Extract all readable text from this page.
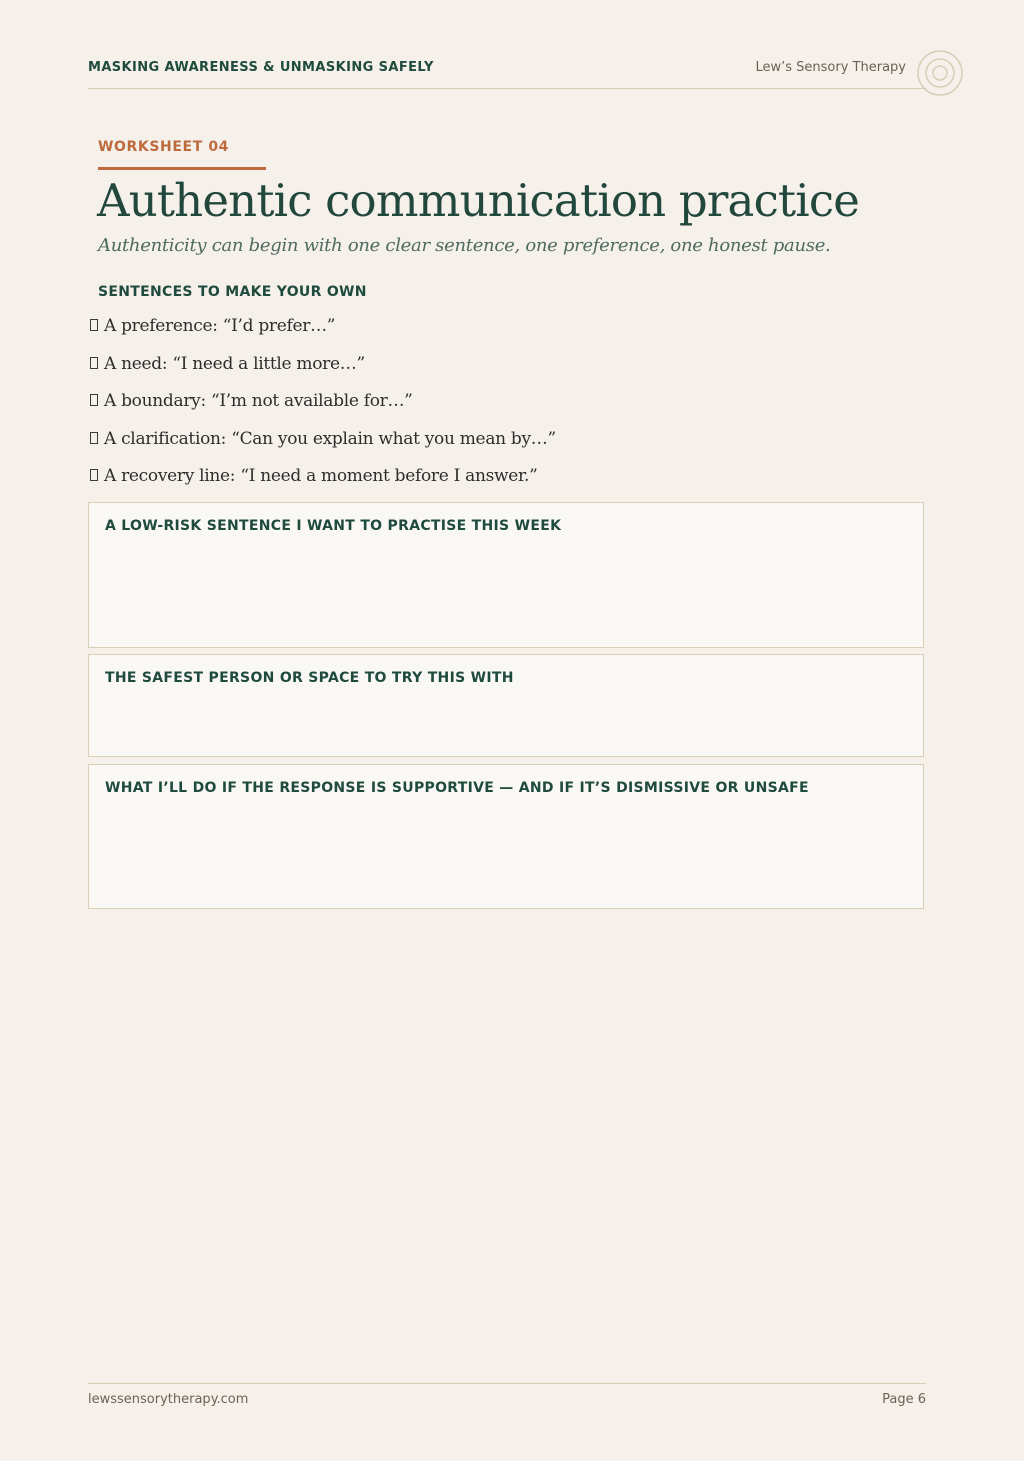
MASKING AWARENESS & UNMASKING SAFELY	Lew’s Sensory Therapy
WORKSHEET 04
Authentic communication practice
Authenticity can begin with one clear sentence, one preference, one honest pause.
SENTENCES TO MAKE YOUR OWN
A preference: “I’d prefer…”
A need: “I need a little more…”
A boundary: “I’m not available for…”
A clarification: “Can you explain what you mean by…”
A recovery line: “I need a moment before I answer.”
A LOW-RISK SENTENCE I WANT TO PRACTISE THIS WEEK
THE SAFEST PERSON OR SPACE TO TRY THIS WITH
WHAT I’LL DO IF THE RESPONSE IS SUPPORTIVE — AND IF IT’S DISMISSIVE OR UNSAFE
lewssensorytherapy.com	Page 6
